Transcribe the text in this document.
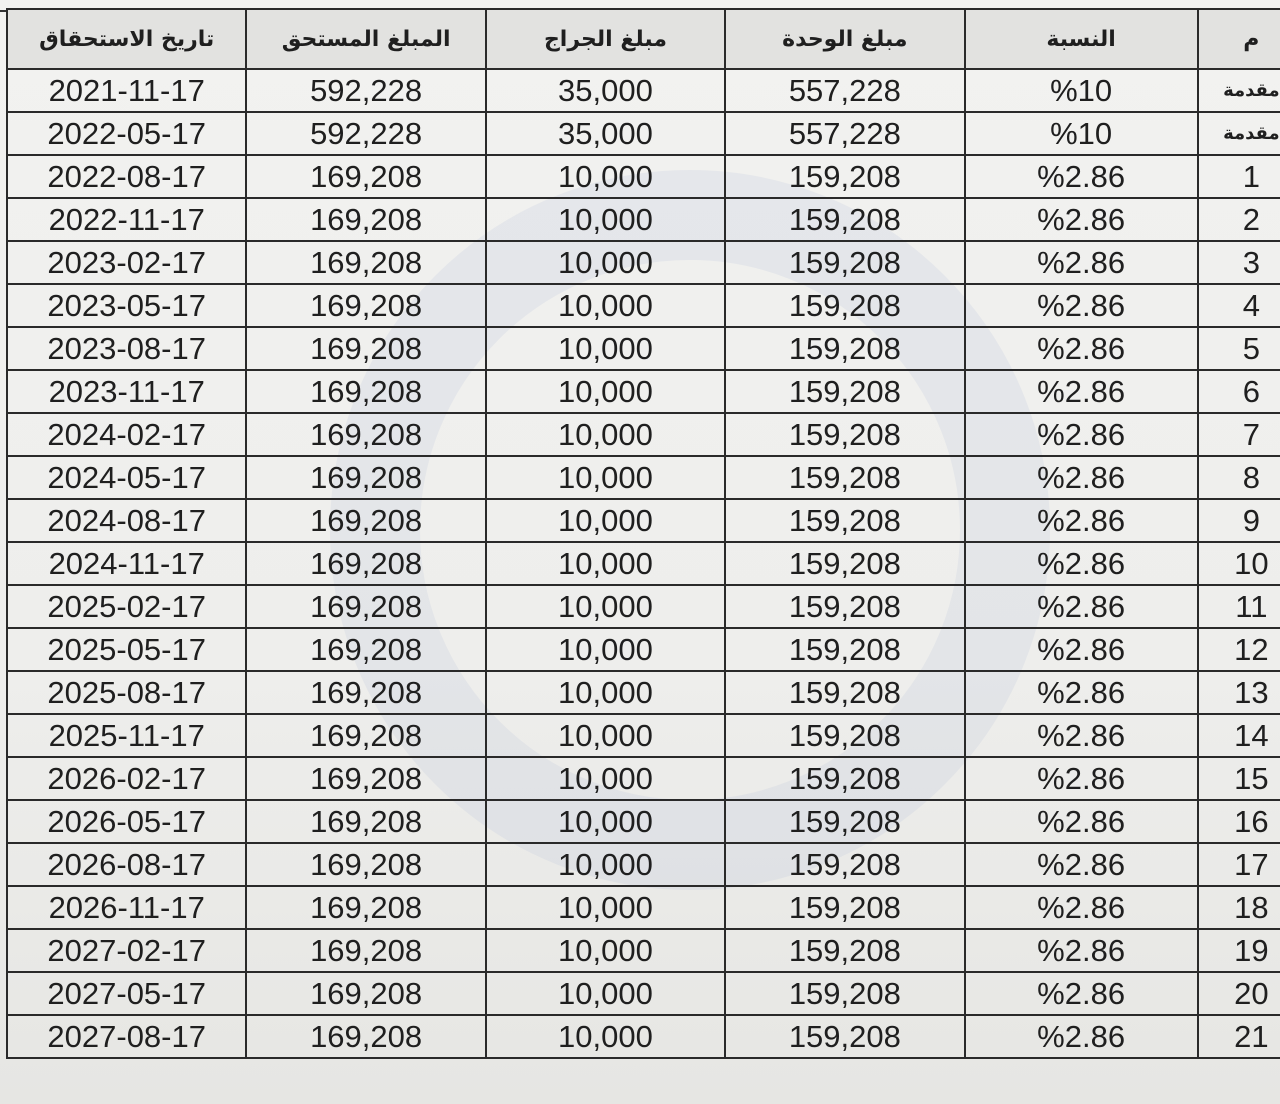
م	النسبة	مبلغ الوحدة	مبلغ الجراج	المبلغ المستحق	تاريخ الاستحقاق
مقدمة	%10	557,228	35,000	592,228	2021-11-17
مقدمة	%10	557,228	35,000	592,228	2022-05-17
1	%2.86	159,208	10,000	169,208	2022-08-17
2	%2.86	159,208	10,000	169,208	2022-11-17
3	%2.86	159,208	10,000	169,208	2023-02-17
4	%2.86	159,208	10,000	169,208	2023-05-17
5	%2.86	159,208	10,000	169,208	2023-08-17
6	%2.86	159,208	10,000	169,208	2023-11-17
7	%2.86	159,208	10,000	169,208	2024-02-17
8	%2.86	159,208	10,000	169,208	2024-05-17
9	%2.86	159,208	10,000	169,208	2024-08-17
10	%2.86	159,208	10,000	169,208	2024-11-17
11	%2.86	159,208	10,000	169,208	2025-02-17
12	%2.86	159,208	10,000	169,208	2025-05-17
13	%2.86	159,208	10,000	169,208	2025-08-17
14	%2.86	159,208	10,000	169,208	2025-11-17
15	%2.86	159,208	10,000	169,208	2026-02-17
16	%2.86	159,208	10,000	169,208	2026-05-17
17	%2.86	159,208	10,000	169,208	2026-08-17
18	%2.86	159,208	10,000	169,208	2026-11-17
19	%2.86	159,208	10,000	169,208	2027-02-17
20	%2.86	159,208	10,000	169,208	2027-05-17
21	%2.86	159,208	10,000	169,208	2027-08-17
